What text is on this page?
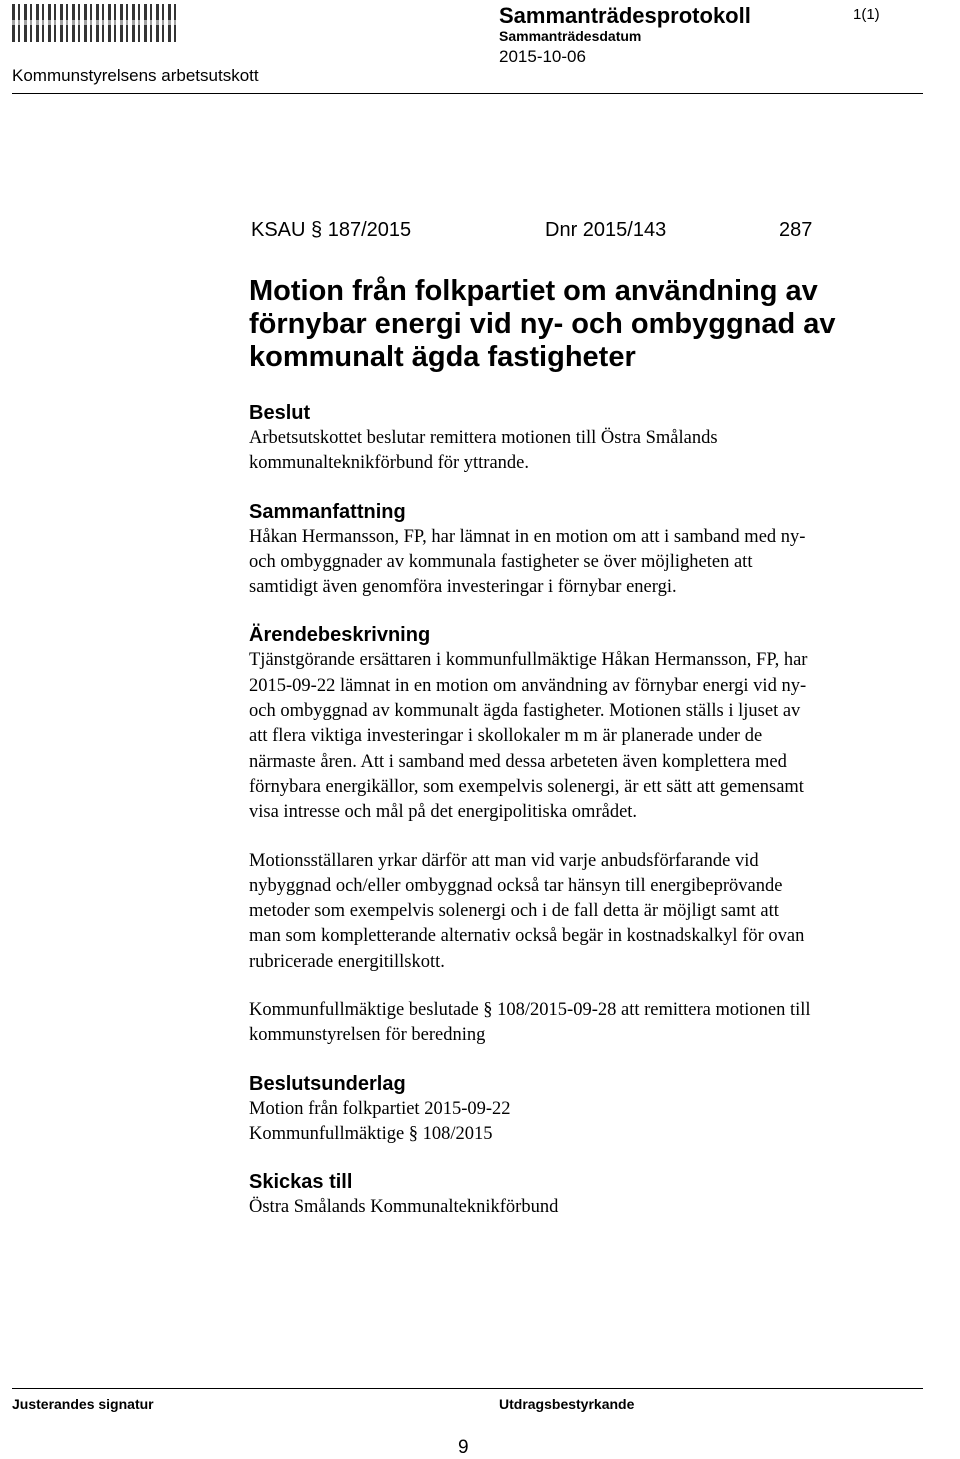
Sammanträdesprotokoll	1(1)
Sammanträdesdatum
2015-10-06
Kommunstyrelsens arbetsutskott
KSAU § 187/2015	Dnr 2015/143	287
Motion från folkpartiet om användning av
förnybar energi vid ny- och ombyggnad av
kommunalt ägda fastigheter
Beslut

Arbetsutskottet beslutar remittera motionen till Östra Smålands
kommunalteknikförbund för yttrande.

Sammanfattning

Håkan Hermansson, FP, har lämnat in en motion om att i samband med ny-
och ombyggnader av kommunala fastigheter se över möjligheten att
samtidigt även genomföra investeringar i förnybar energi.

Ärendebeskrivning

Tjänstgörande ersättaren i kommunfullmäktige Håkan Hermansson, FP, har
2015-09-22 lämnat in en motion om användning av förnybar energi vid ny-
och ombyggnad av kommunalt ägda fastigheter. Motionen ställs i ljuset av
att flera viktiga investeringar i skollokaler m m är planerade under de
närmaste åren. Att i samband med dessa arbeteten även komplettera med
förnybara energikällor, som exempelvis solenergi, är ett sätt att gemensamt
visa intresse och mål på det energipolitiska området.

Motionsställaren yrkar därför att man vid varje anbudsförfarande vid
nybyggnad och/eller ombyggnad också tar hänsyn till energibeprövande
metoder som exempelvis solenergi och i de fall detta är möjligt samt att
man som kompletterande alternativ också begär in kostnadskalkyl för ovan
rubricerade energitillskott.

Kommunfullmäktige beslutade § 108/2015-09-28 att remittera motionen till
kommunstyrelsen för beredning

Beslutsunderlag

Motion från folkpartiet 2015-09-22
Kommunfullmäktige § 108/2015

Skickas till

Östra Smålands Kommunalteknikförbund

Justerandes signatur	Utdragsbestyrkande
9
